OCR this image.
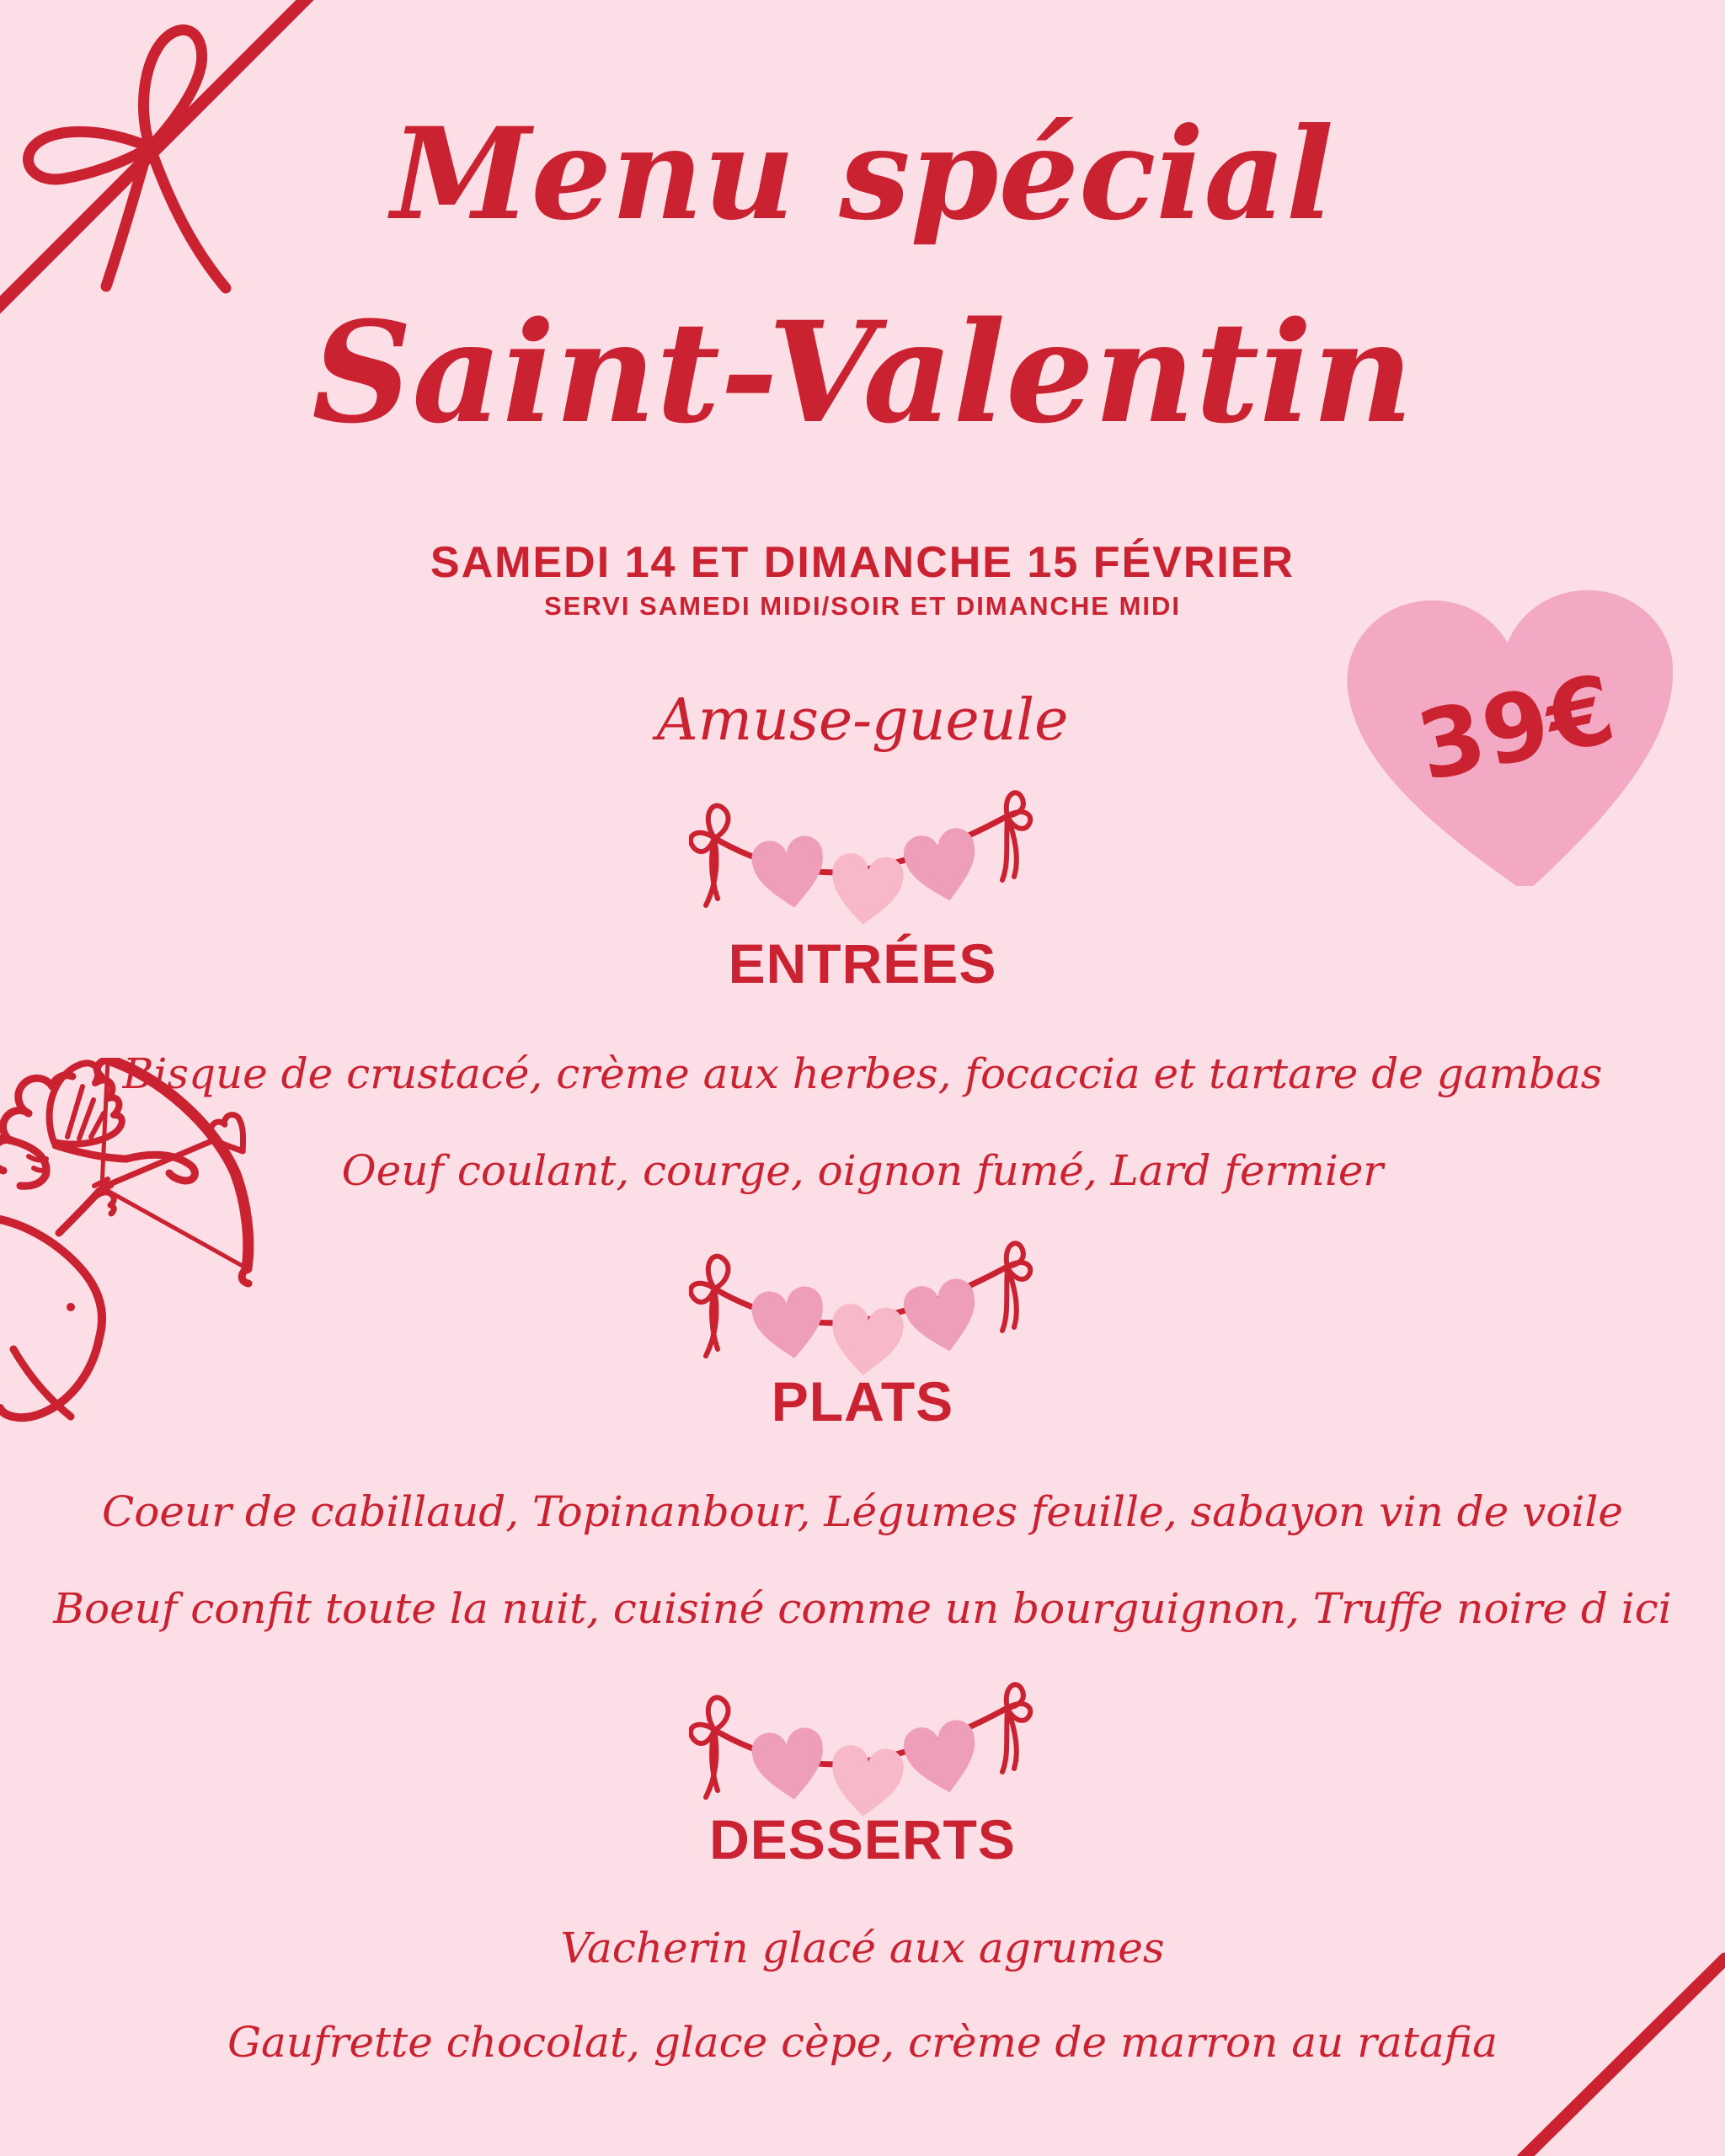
Menu spécial
Saint-Valentin
SAMEDI 14 ET DIMANCHE 15 FÉVRIER
SERVI SAMEDI MIDI/SOIR ET DIMANCHE MIDI
39€
Amuse-gueule
ENTRÉES
Bisque de crustacé, crème aux herbes, focaccia et tartare de gambas
Oeuf coulant, courge, oignon fumé, Lard fermier
PLATS
Coeur de cabillaud, Topinanbour, Légumes feuille, sabayon vin de voile
Boeuf confit toute la nuit, cuisiné comme un bourguignon, Truffe noire d ici
DESSERTS
Vacherin glacé aux agrumes
Gaufrette chocolat, glace cèpe, crème de marron au ratafia
